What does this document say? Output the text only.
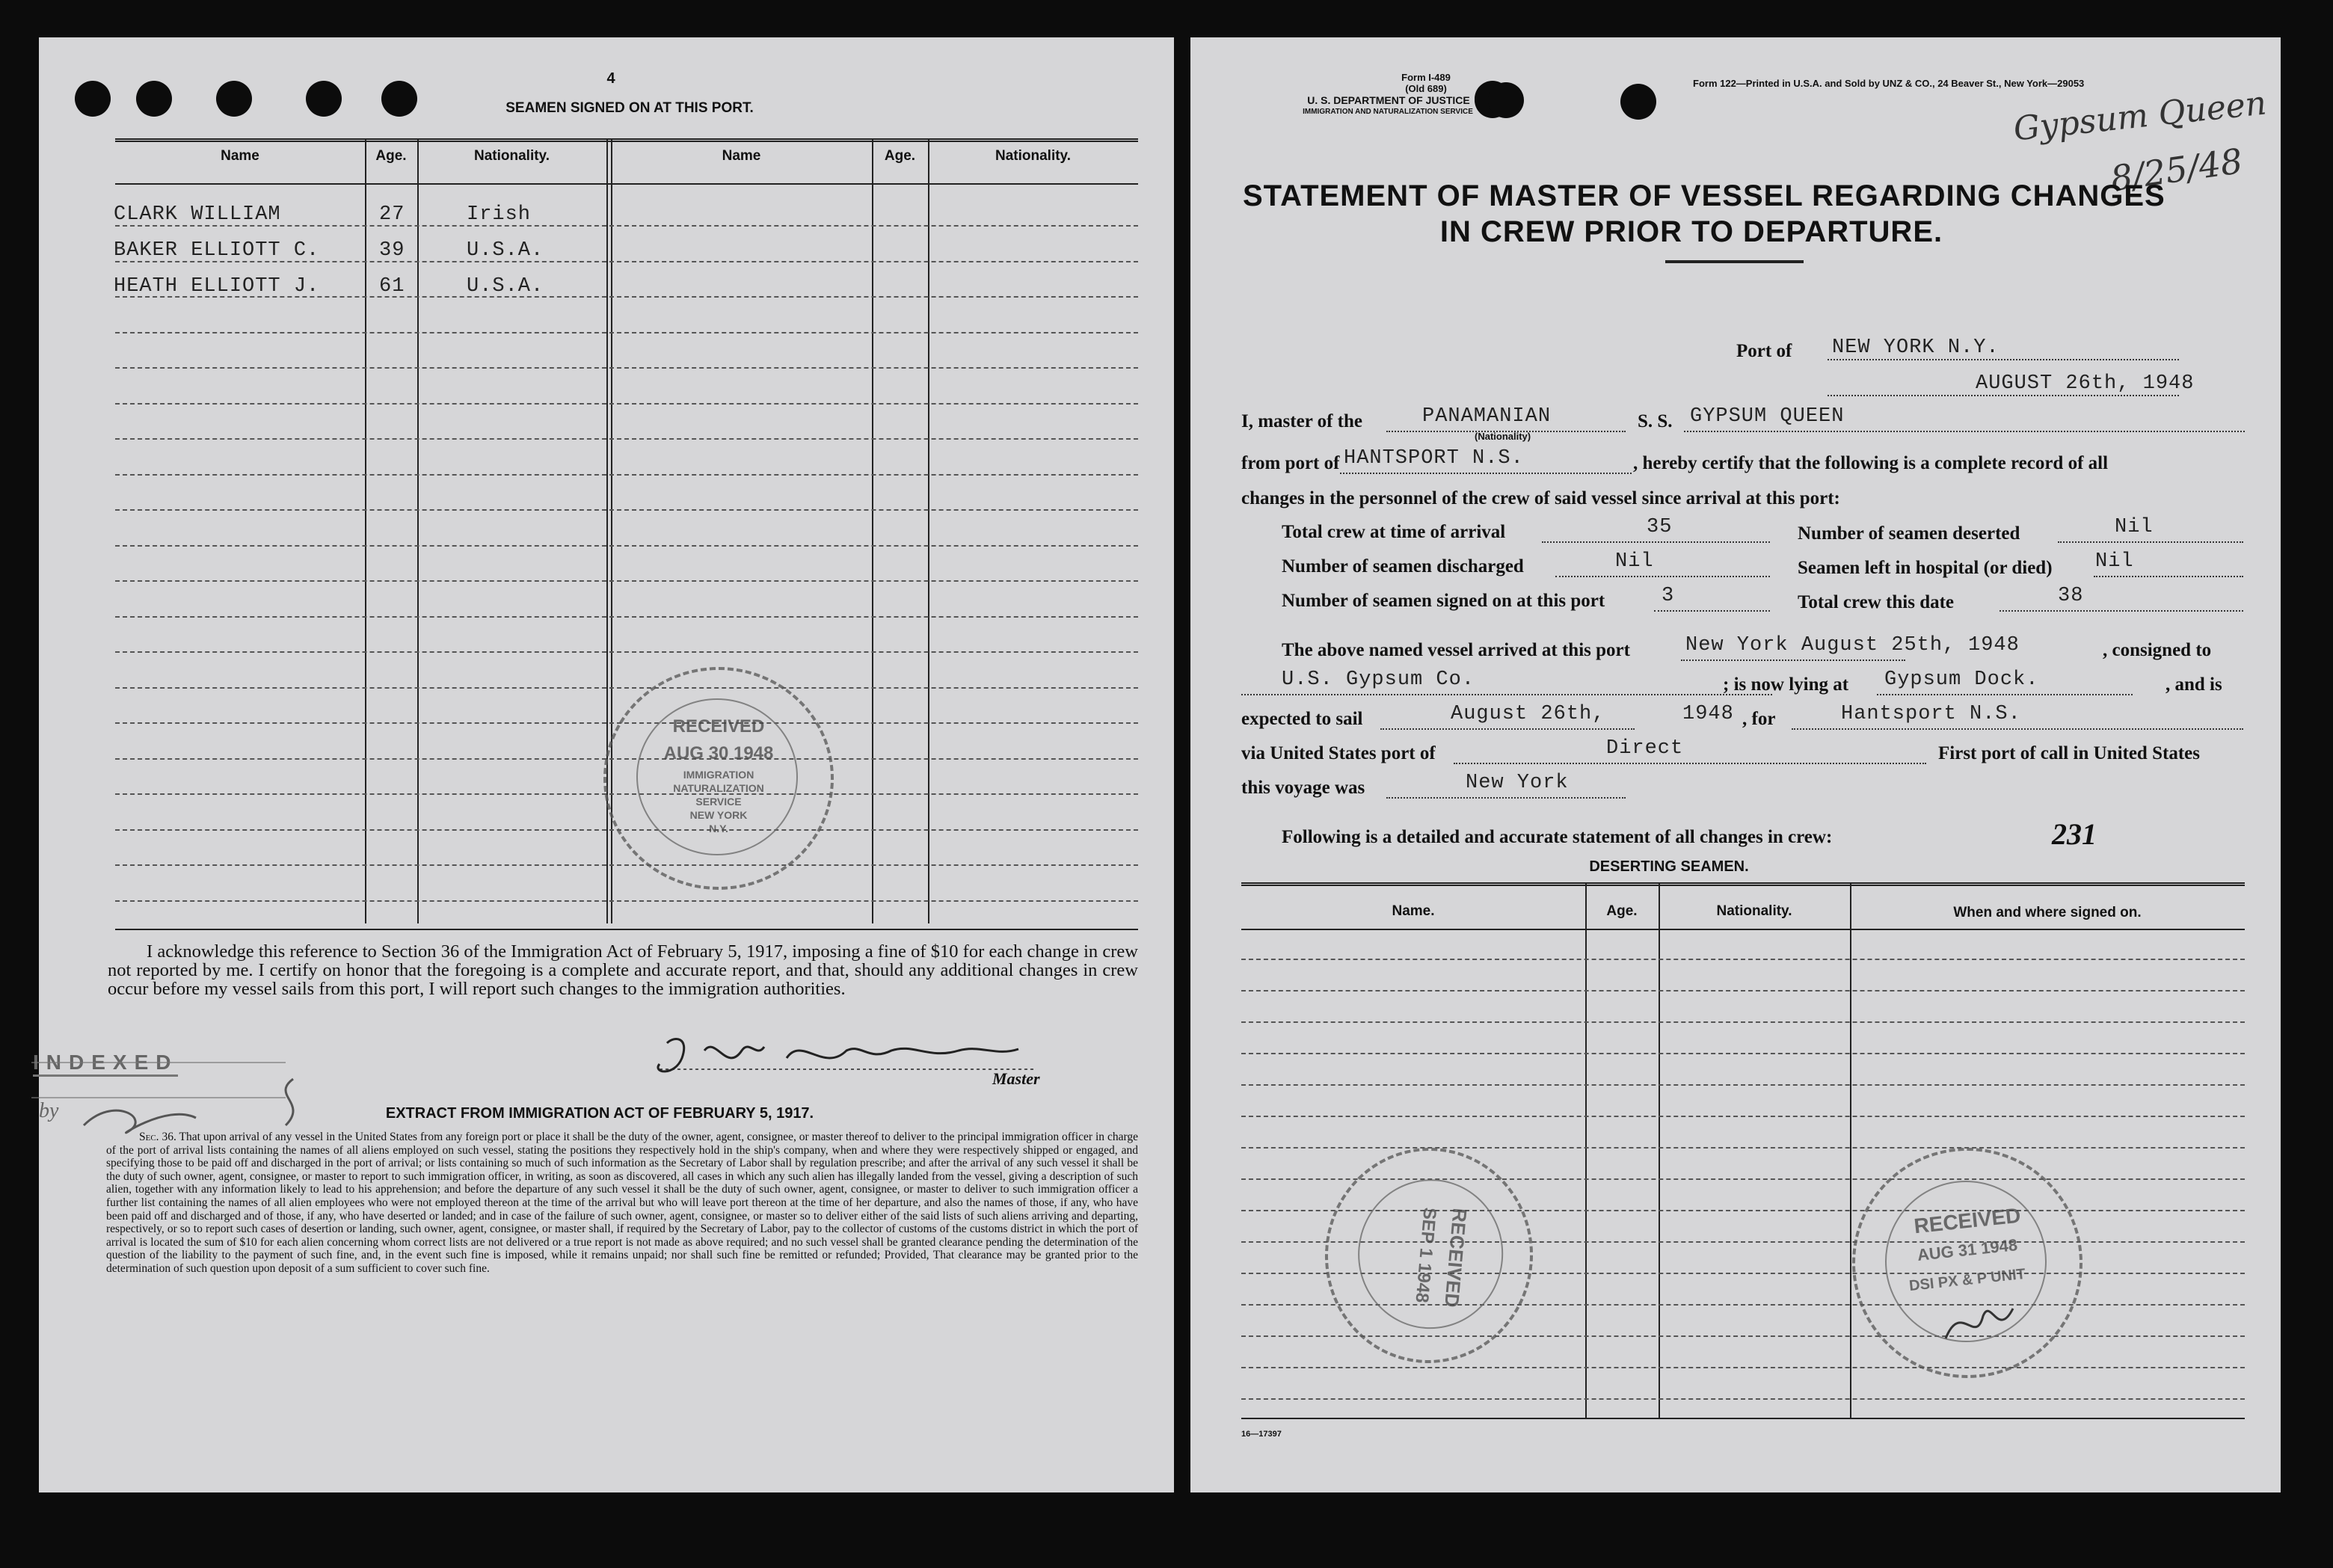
4
SEAMEN SIGNED ON AT THIS PORT.
Name	Age.	Nationality.	Name	Age.	Nationality.
CLARK WILLIAM	27	Irish
BAKER ELLIOTT C.	39	U.S.A.
HEATH ELLIOTT J.	61	U.S.A.
RECEIVED
AUG 30 1948
IMMIGRATION
NATURALIZATION
SERVICE
NEW YORK
N.Y.
I acknowledge this reference to Section 36 of the Immigration Act of February 5, 1917, imposing a fine of $10 for each change in crew not reported by me. I certify on honor that the foregoing is a complete and accurate report, and that, should any additional changes in crew occur before my vessel sails from this port, I will report such changes to the immigration authorities.
INDEXED
by
Master
EXTRACT FROM IMMIGRATION ACT OF FEBRUARY 5, 1917.
Sec. 36. That upon arrival of any vessel in the United States from any foreign port or place it shall be the duty of the owner, agent, consignee, or master thereof to deliver to the principal immigration officer in charge of the port of arrival lists containing the names of all aliens employed on such vessel, stating the positions they respectively hold in the ship's company, when and where they were respectively shipped or engaged, and specifying those to be paid off and discharged in the port of arrival; or lists containing so much of such information as the Secretary of Labor shall by regulation prescribe; and after the arrival of any such vessel it shall be the duty of such owner, agent, consignee, or master to report to such immigration officer, in writing, as soon as discovered, all cases in which any such alien has illegally landed from the vessel, giving a description of such alien, together with any information likely to lead to his apprehension; and before the departure of any such vessel it shall be the duty of such owner, agent, consignee, or master to deliver to such immigration officer a further list containing the names of all alien employees who were not employed thereon at the time of the arrival but who will leave port thereon at the time of her departure, and also the names of those, if any, who have been paid off and discharged and of those, if any, who have deserted or landed; and in case of the failure of such owner, agent, consignee, or master so to deliver either of the said lists of such aliens arriving and departing, respectively, or so to report such cases of desertion or landing, such owner, agent, consignee, or master shall, if required by the Secretary of Labor, pay to the collector of customs of the customs district in which the port of arrival is located the sum of $10 for each alien concerning whom correct lists are not delivered or a true report is not made as above required; and no such vessel shall be granted clearance pending the determination of the question of the liability to the payment of such fine, and, in the event such fine is imposed, while it remains unpaid; nor shall such fine be remitted or refunded; Provided, That clearance may be granted prior to the determination of such question upon deposit of a sum sufficient to cover such fine.
Form I-489
(Old 689)
U. S. DEPARTMENT OF JUSTICE
IMMIGRATION AND NATURALIZATION SERVICE
Form 122—Printed in U.S.A. and Sold by UNZ & CO., 24 Beaver St., New York—29053
Gypsum Queen
8/25/48
STATEMENT OF MASTER OF VESSEL REGARDING CHANGES
IN CREW PRIOR TO DEPARTURE.
Port of NEW YORK N.Y.
AUGUST 26th, 1948
I, master of the	PANAMANIAN
(Nationality)
S. S. GYPSUM QUEEN
from port of HANTSPORT N.S.	, hereby certify that the following is a complete record of all
changes in the personnel of the crew of said vessel since arrival at this port:
Total crew at time of arrival	35	Number of seamen deserted	Nil
Number of seamen discharged	Nil	Seamen left in hospital (or died) Nil
Number of seamen signed on at this port	3	Total crew this date	38
The above named vessel arrived at this port	New York August 25th, 1948	, consigned to
U.S. Gypsum Co.	; is now lying at Gypsum Dock.	, and is
expected to sail	August 26th,	1948 , for	Hantsport N.S.
via United States port of	Direct	First port of call in United States
this voyage was	New York
Following is a detailed and accurate statement of all changes in crew:	231
DESERTING SEAMEN.
Name.	Age.	Nationality.	When and where signed on.
RECEIVED
SEP 1 1948	RECEIVED
AUG 31 1948
DSI PX & P UNIT
16—17397
